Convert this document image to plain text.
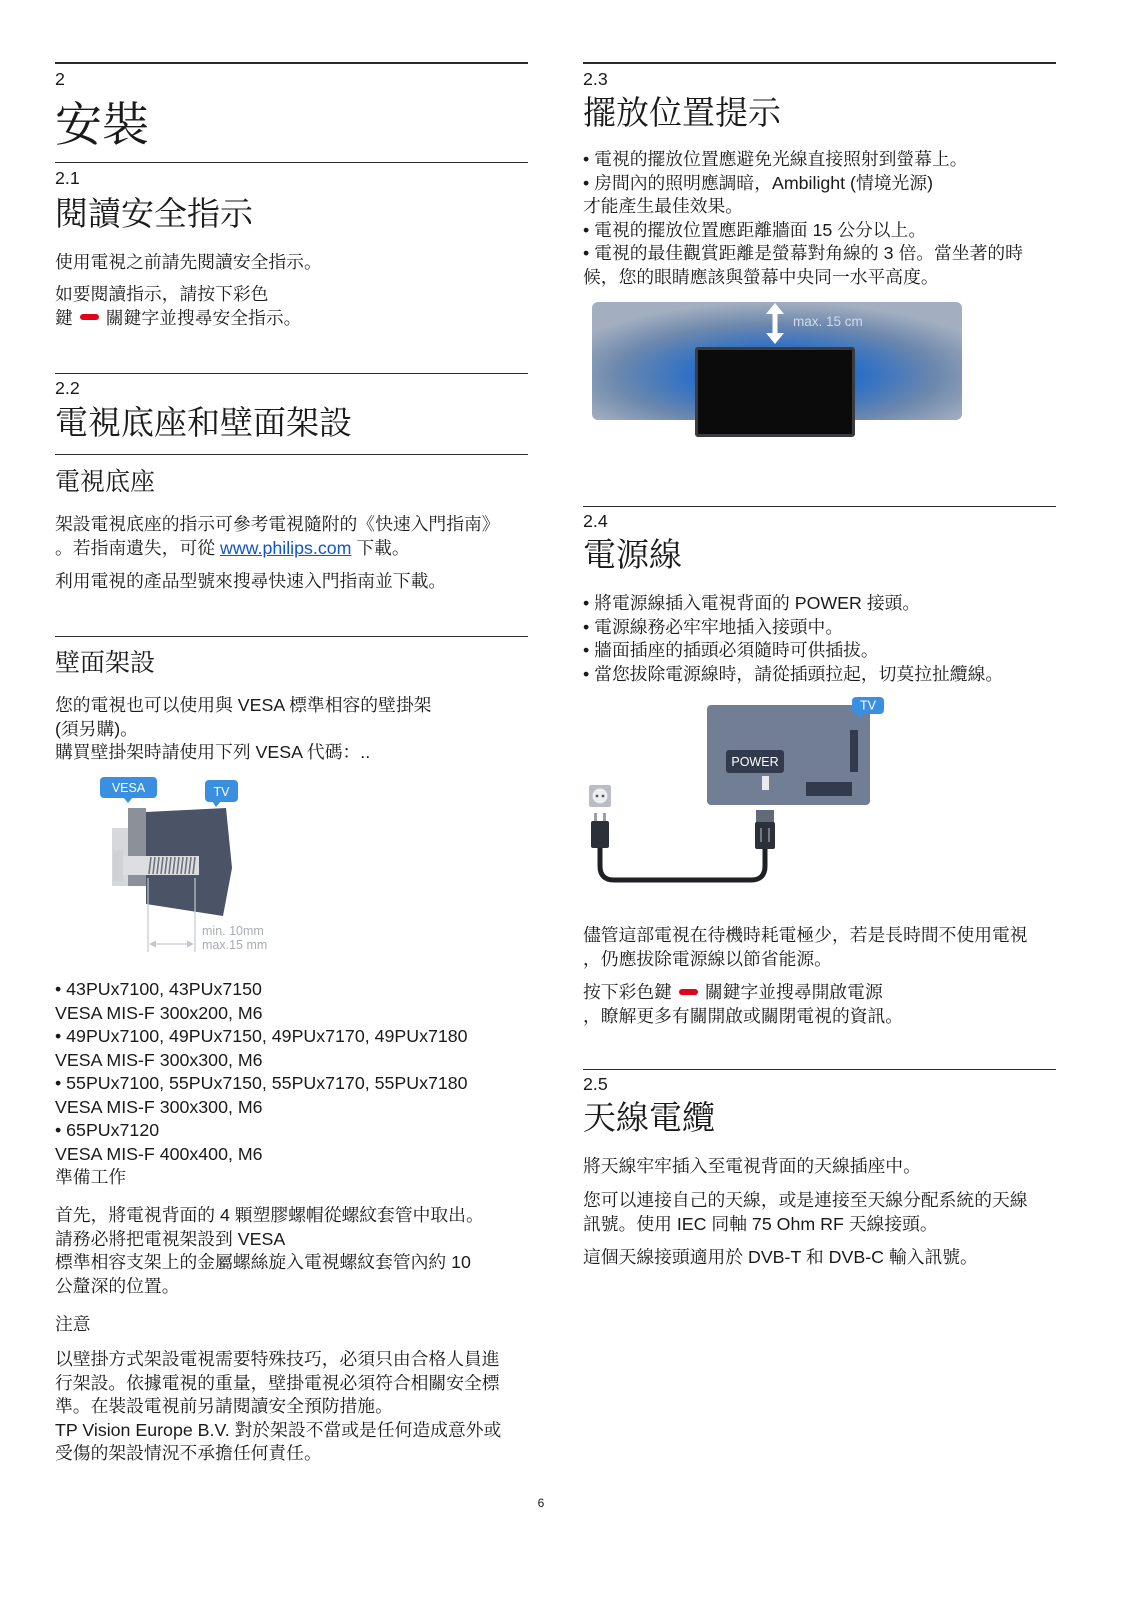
2
安裝
2.1
閱讀安全指示
使用電視之前請先閱讀安全指示。
如要閱讀指示，請按下彩色
鍵 關鍵字並搜尋安全指示。
2.2
電視底座和壁面架設
電視底座
架設電視底座的指示可參考電視隨附的《快速入門指南》
。若指南遺失，可從 www.philips.com 下載。
利用電視的產品型號來搜尋快速入門指南並下載。
壁面架設
您的電視也可以使用與 VESA 標準相容的壁掛架
(須另購)。
購買壁掛架時請使用下列 VESA 代碼：..
VESA	TV
min. 10mm
max.15 mm
• 43PUx7100, 43PUx7150
VESA MIS-F 300x200, M6
• 49PUx7100, 49PUx7150, 49PUx7170, 49PUx7180
VESA MIS-F 300x300, M6
• 55PUx7100, 55PUx7150, 55PUx7170, 55PUx7180
VESA MIS-F 300x300, M6
• 65PUx7120
VESA MIS-F 400x400, M6
準備工作
首先，將電視背面的 4 顆塑膠螺帽從螺紋套管中取出。
請務必將把電視架設到 VESA
標準相容支架上的金屬螺絲旋入電視螺紋套管內約 10
公釐深的位置。
注意
以壁掛方式架設電視需要特殊技巧，必須只由合格人員進
行架設。依據電視的重量，壁掛電視必須符合相關安全標
準。在裝設電視前另請閱讀安全預防措施。
TP Vision Europe B.V. 對於架設不當或是任何造成意外或
受傷的架設情況不承擔任何責任。
2.3
擺放位置提示
• 電視的擺放位置應避免光線直接照射到螢幕上。
• 房間內的照明應調暗，Ambilight (情境光源)
才能產生最佳效果。
• 電視的擺放位置應距離牆面 15 公分以上。
• 電視的最佳觀賞距離是螢幕對角線的 3 倍。當坐著的時
候，您的眼睛應該與螢幕中央同一水平高度。
max. 15 cm
2.4
電源線
• 將電源線插入電視背面的 POWER 接頭。
• 電源線務必牢牢地插入接頭中。
• 牆面插座的插頭必須隨時可供插拔。
• 當您拔除電源線時，請從插頭拉起，切莫拉扯纜線。
POWER
TV
儘管這部電視在待機時耗電極少，若是長時間不使用電視
，仍應拔除電源線以節省能源。
按下彩色鍵 關鍵字並搜尋開啟電源
，瞭解更多有關開啟或關閉電視的資訊。
2.5
天線電纜
將天線牢牢插入至電視背面的天線插座中。
您可以連接自己的天線，或是連接至天線分配系統的天線
訊號。使用 IEC 同軸 75 Ohm RF 天線接頭。
這個天線接頭適用於 DVB-T 和 DVB-C 輸入訊號。
6
